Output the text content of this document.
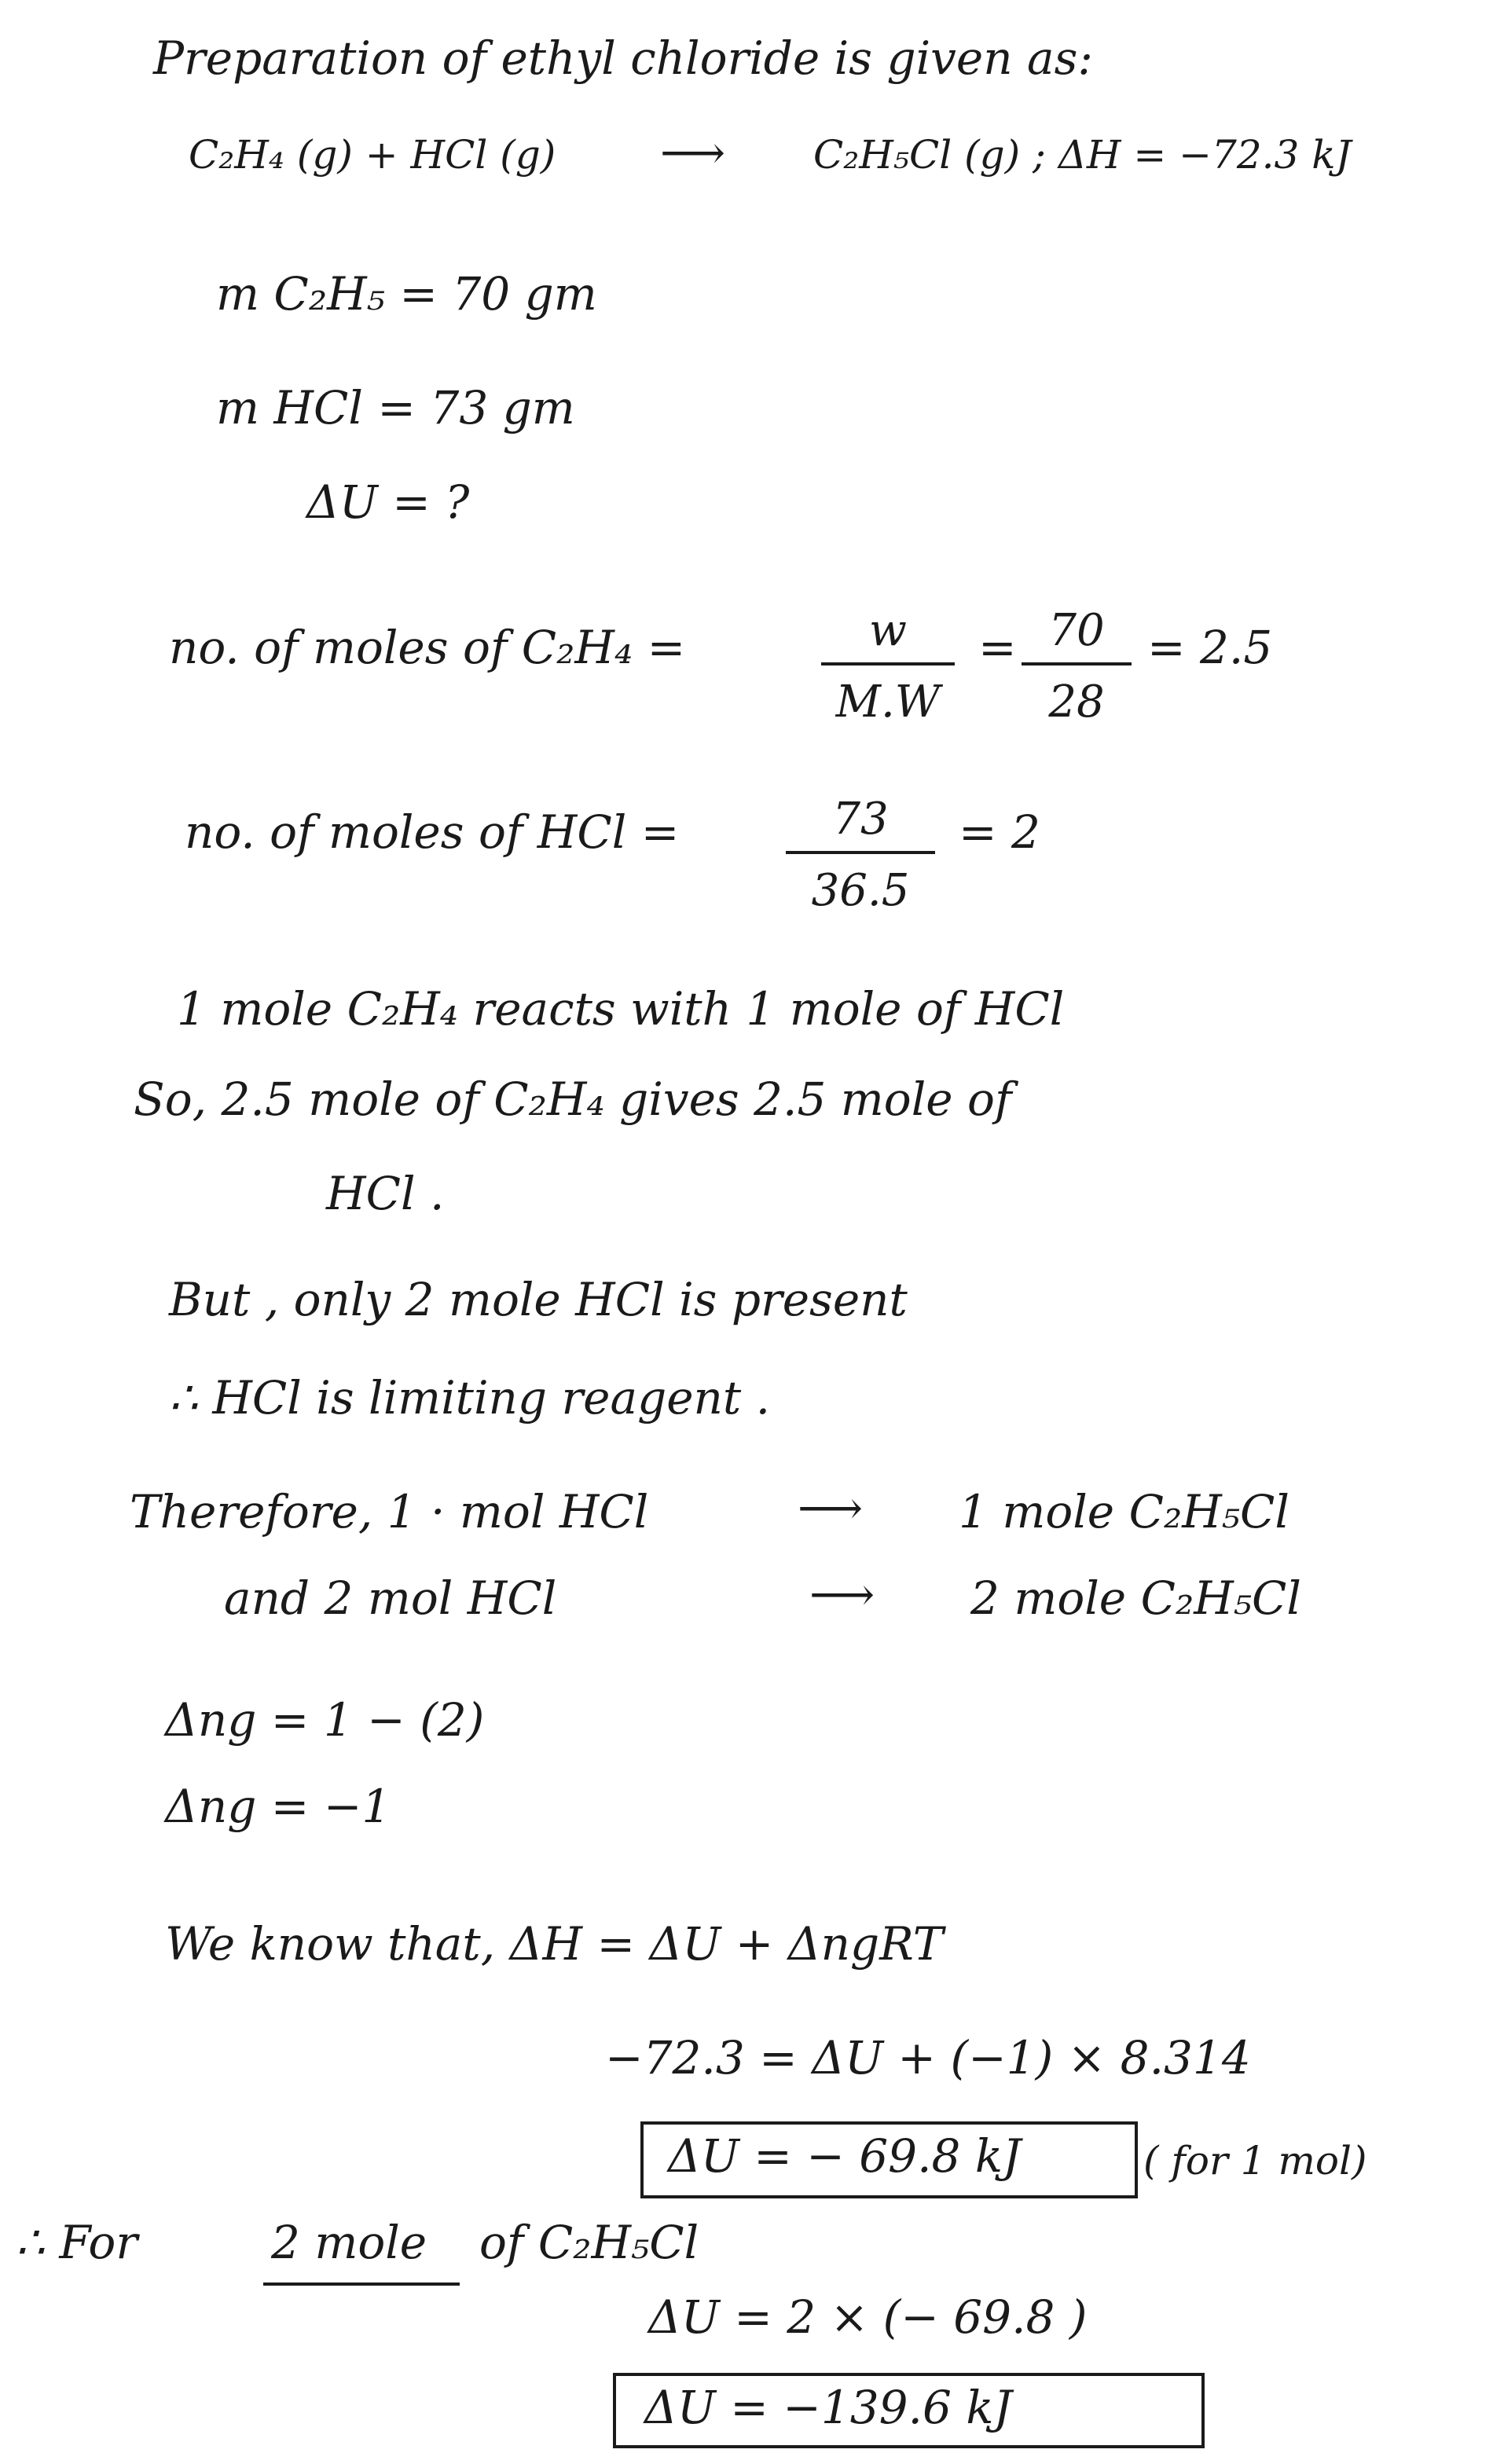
Preparation of ethyl chloride is given as:
C₂H₄ (g) + HCl (g) ⟶ C₂H₅Cl (g) ; ΔH = −72.3 kJ
m C₂H₅ = 70 gm
m HCl = 73 gm
ΔU = ?
no. of moles of C₂H₄ =	$\frac{w}{M.W} = \frac{70}{28} = 2.5$
no. of moles of HCl = $\frac{73}{36.5} = 2$
1 mole C₂H₄ reacts with 1 mole of HCl
So, 2.5 mole of C₂H₄ gives 2.5 mole of
HCl .
But , only 2 mole HCl is present
∴ HCl is limiting reagent .
Therefore, 1 · mol HCl	⟶ 1 mole C₂H₅Cl
and 2 mol HCl	⟶ 2 mole C₂H₅Cl
Δng = 1 − (2)
Δng = −1
We know that, ΔH = ΔU + ΔngRT
−72.3 = ΔU + (−1) × 8.314
ΔU = − 69.8 kJ	( for 1 mol)
∴ For	2 mole of C₂H₅Cl
ΔU = 2 × (− 69.8 )
ΔU = −139.6 kJ
